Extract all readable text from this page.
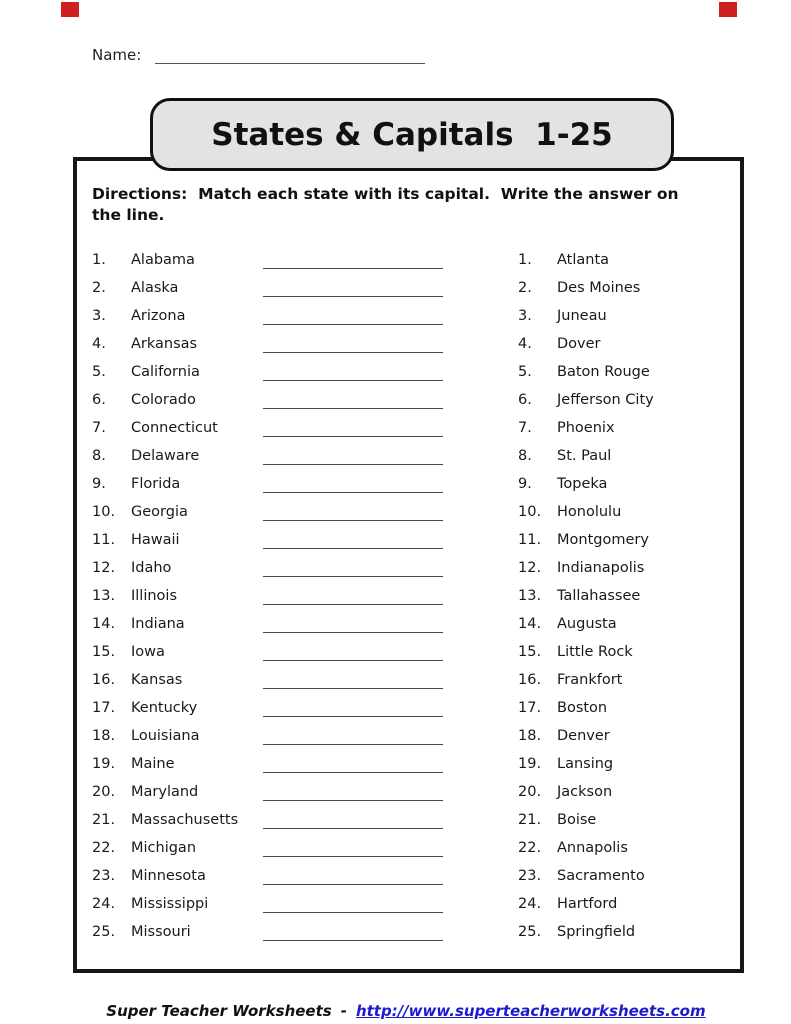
Name:
States & Capitals  1-25
Directions:  Match each state with its capital.  Write the answer on
the line.
1.	Alabama	1.	Atlanta
2.	Alaska	2.	Des Moines
3.	Arizona	3.	Juneau
4.	Arkansas	4.	Dover
5.	California	5.	Baton Rouge
6.	Colorado	6.	Jefferson City
7.	Connecticut	7.	Phoenix
8.	Delaware	8.	St. Paul
9.	Florida	9.	Topeka
10.	Georgia	10.	Honolulu
11.	Hawaii	11.	Montgomery
12.	Idaho	12.	Indianapolis
13.	Illinois	13.	Tallahassee
14.	Indiana	14.	Augusta
15.	Iowa	15.	Little Rock
16.	Kansas	16.	Frankfort
17.	Kentucky	17.	Boston
18.	Louisiana	18.	Denver
19.	Maine	19.	Lansing
20.	Maryland	20.	Jackson
21.	Massachusetts	21.	Boise
22.	Michigan	22.	Annapolis
23.	Minnesota	23.	Sacramento
24.	Mississippi	24.	Hartford
25.	Missouri	25.	Springfield

Super Teacher Worksheets - http://www.superteacherworksheets.com
